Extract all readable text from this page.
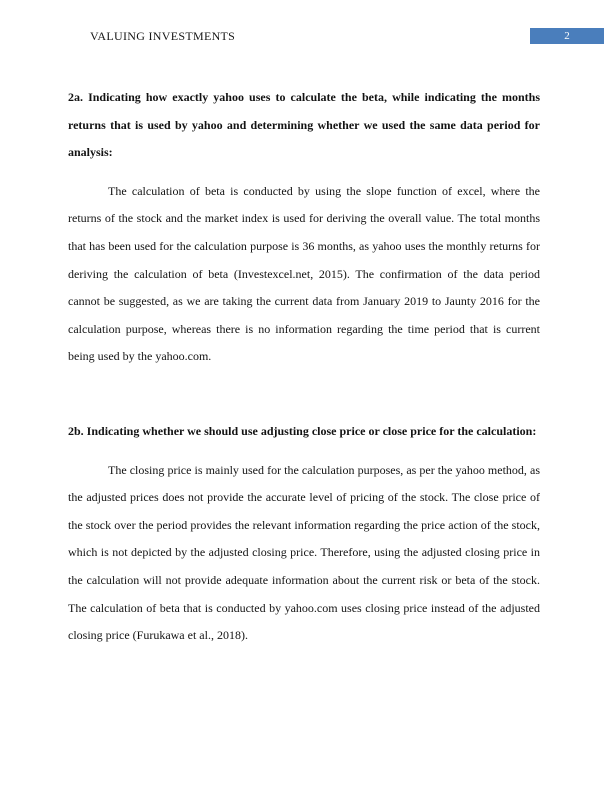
VALUING INVESTMENTS	2
2a. Indicating how exactly yahoo uses to calculate the beta, while indicating the months returns that is used by yahoo and determining whether we used the same data period for analysis:

The calculation of beta is conducted by using the slope function of excel, where the returns of the stock and the market index is used for deriving the overall value. The total months that has been used for the calculation purpose is 36 months, as yahoo uses the monthly returns for deriving the calculation of beta (Investexcel.net, 2015). The confirmation of the data period cannot be suggested, as we are taking the current data from January 2019 to Jaunty 2016 for the calculation purpose, whereas there is no information regarding the time period that is current being used by the yahoo.com.

2b. Indicating whether we should use adjusting close price or close price for the calculation:

The closing price is mainly used for the calculation purposes, as per the yahoo method, as the adjusted prices does not provide the accurate level of pricing of the stock. The close price of the stock over the period provides the relevant information regarding the price action of the stock, which is not depicted by the adjusted closing price. Therefore, using the adjusted closing price in the calculation will not provide adequate information about the current risk or beta of the stock. The calculation of beta that is conducted by yahoo.com uses closing price instead of the adjusted closing price (Furukawa et al., 2018).
